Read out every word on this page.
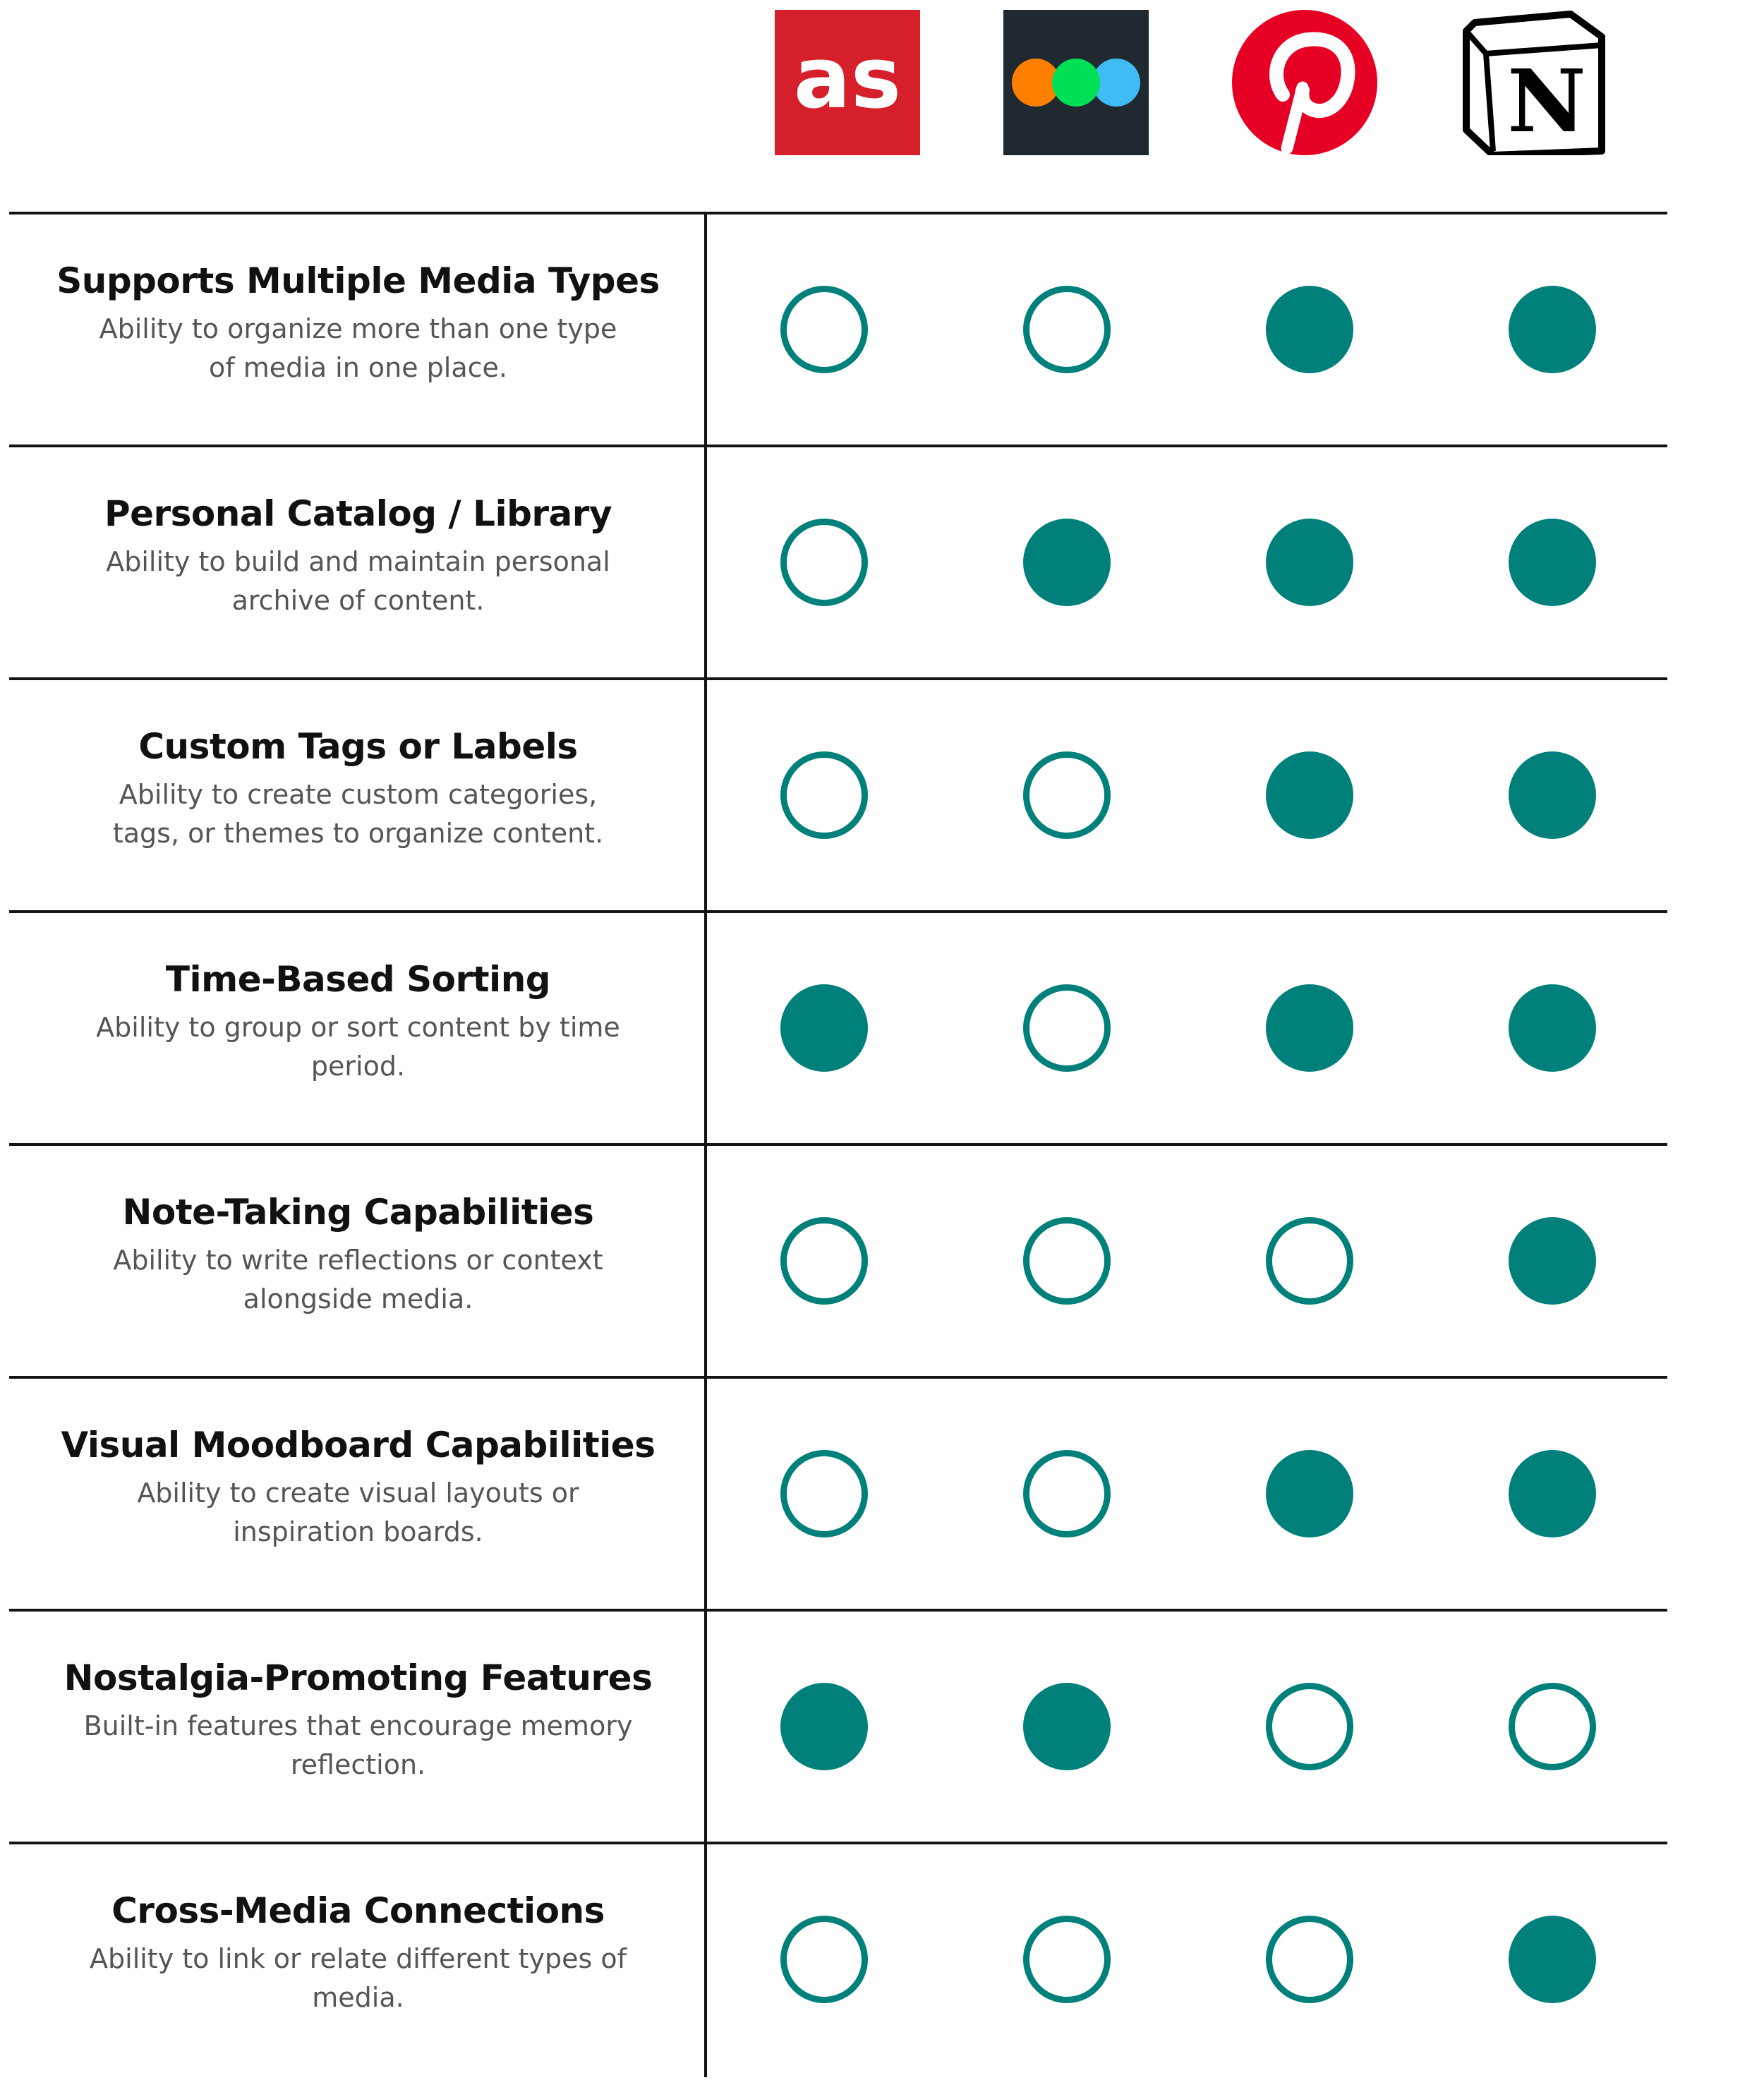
as	N
Supports Multiple Media Types
Ability to organize more than one type of media in one place.
Personal Catalog / Library
Ability to build and maintain personal archive of content.
Custom Tags or Labels
Ability to create custom categories, tags, or themes to organize content.
Time-Based Sorting
Ability to group or sort content by time period.
Note-Taking Capabilities
Ability to write reflections or context alongside media.
Visual Moodboard Capabilities
Ability to create visual layouts or inspiration boards.
Nostalgia-Promoting Features
Built-in features that encourage memory reflection.
Cross-Media Connections
Ability to link or relate different types of media.
